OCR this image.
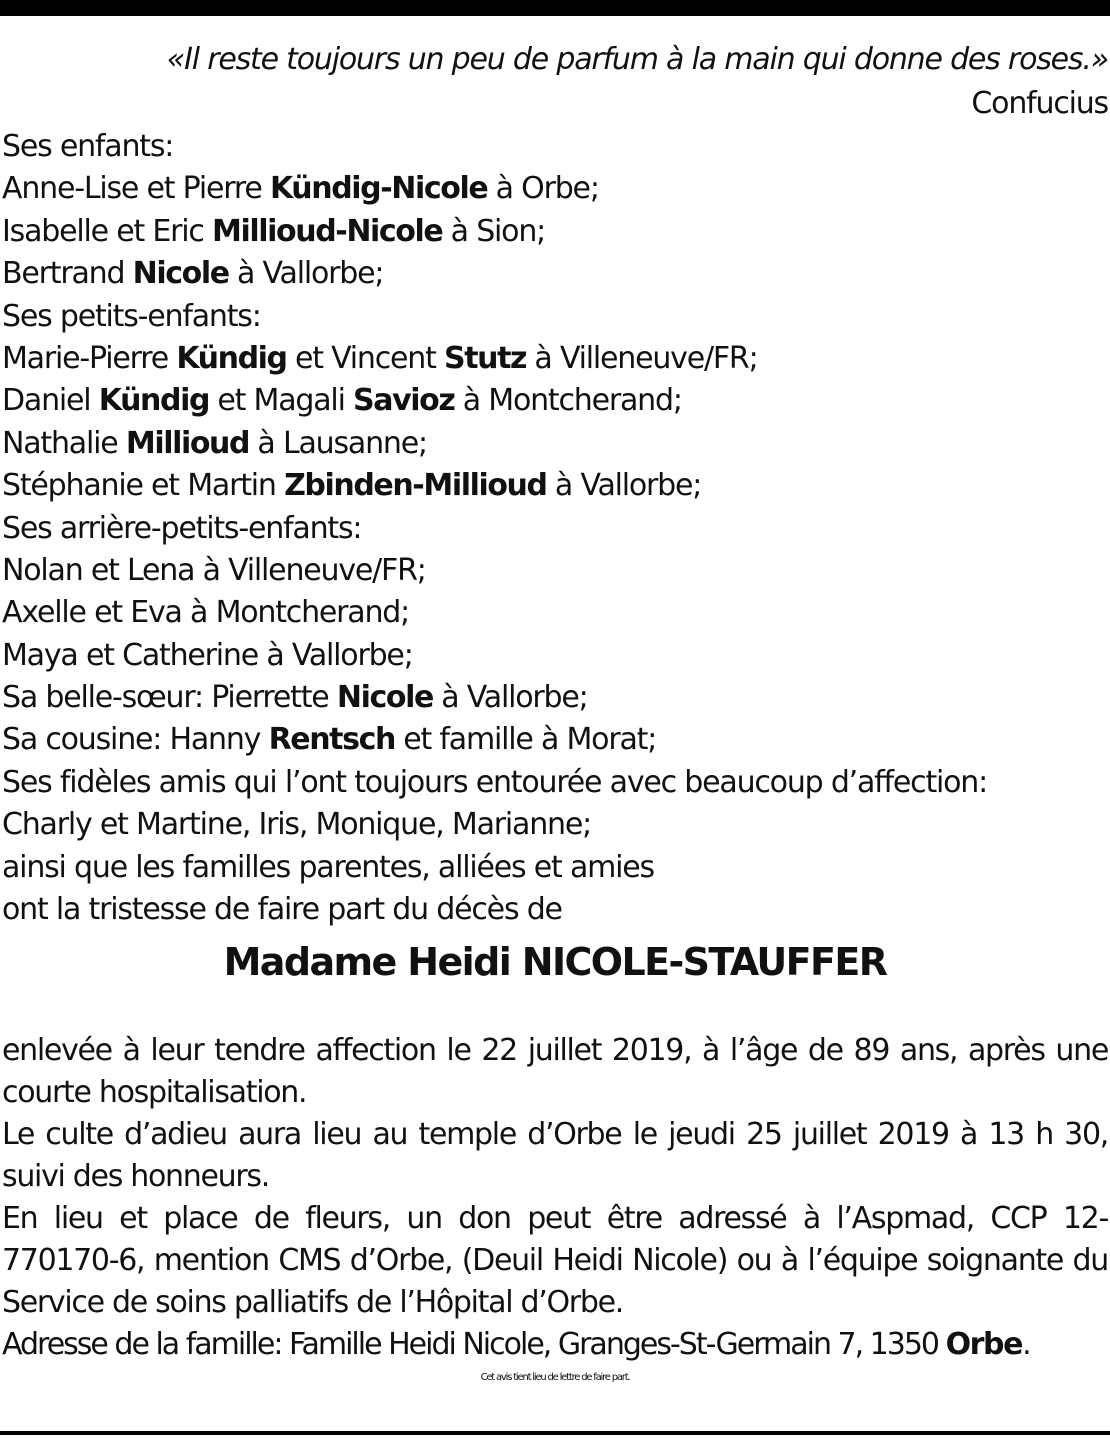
«Il reste toujours un peu de parfum à la main qui donne des roses.»
Confucius
Ses enfants:
Anne-Lise et Pierre Kündig-Nicole à Orbe;
Isabelle et Eric Millioud-Nicole à Sion;
Bertrand Nicole à Vallorbe;
Ses petits-enfants:
Marie-Pierre Kündig et Vincent Stutz à Villeneuve/FR;
Daniel Kündig et Magali Savioz à Montcherand;
Nathalie Millioud à Lausanne;
Stéphanie et Martin Zbinden-Millioud à Vallorbe;
Ses arrière-petits-enfants:
Nolan et Lena à Villeneuve/FR;
Axelle et Eva à Montcherand;
Maya et Catherine à Vallorbe;
Sa belle-sœur: Pierrette Nicole à Vallorbe;
Sa cousine: Hanny Rentsch et famille à Morat;
Ses fidèles amis qui l’ont toujours entourée avec beaucoup d’affection:
Charly et Martine, Iris, Monique, Marianne;
ainsi que les familles parentes, alliées et amies
ont la tristesse de faire part du décès de
Madame Heidi NICOLE-STAUFFER
enlevée à leur tendre affection le 22 juillet 2019, à l’âge de 89 ans, après une courte hospitalisation.
Le culte d’adieu aura lieu au temple d’Orbe le jeudi 25 juillet 2019 à 13 h 30, suivi des honneurs.
En lieu et place de fleurs, un don peut être adressé à l’Aspmad, CCP 12-770170-6, mention CMS d’Orbe, (Deuil Heidi Nicole) ou à l’équipe soignante du Service de soins palliatifs de l’Hôpital d’Orbe.
Adresse de la famille: Famille Heidi Nicole, Granges-St-Germain 7, 1350 Orbe.
Cet avis tient lieu de lettre de faire part.
